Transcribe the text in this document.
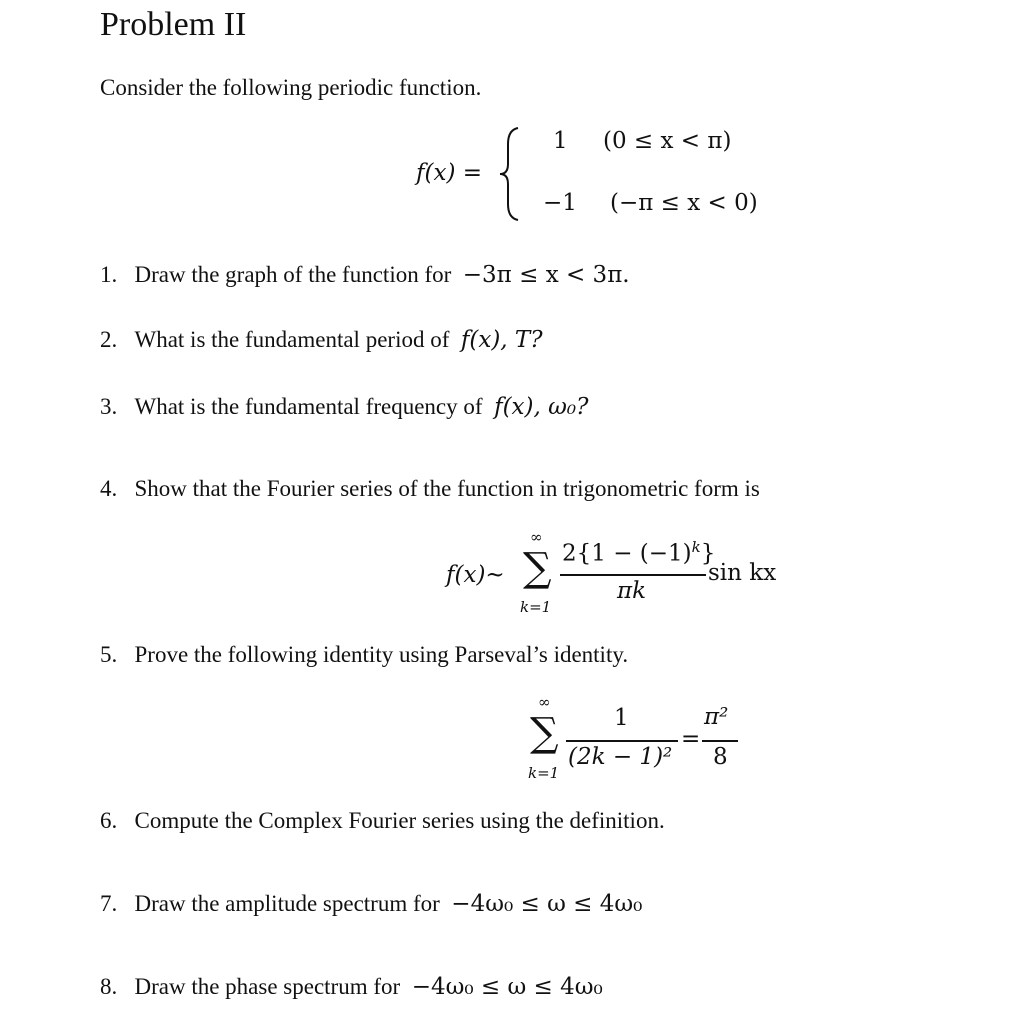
Problem II
Consider the following periodic function.
f(x) =
1 (0 ≤ x < π)
−1 (−π ≤ x < 0)
1. Draw the graph of the function for −3π ≤ x < 3π.
2. What is the fundamental period of f(x), T?
3. What is the fundamental frequency of f(x), ω₀?
4. Show that the Fourier series of the function in trigonometric form is
f(x)~
∞
∑
k=1
$2\{1 - (-1)^k\}$
πk
sin kx
5. Prove the following identity using Parseval’s identity.
∞
∑
k=1
1
(2k − 1)²
=
π²
8
6. Compute the Complex Fourier series using the definition.
7. Draw the amplitude spectrum for −4ω₀ ≤ ω ≤ 4ω₀
8. Draw the phase spectrum for −4ω₀ ≤ ω ≤ 4ω₀
